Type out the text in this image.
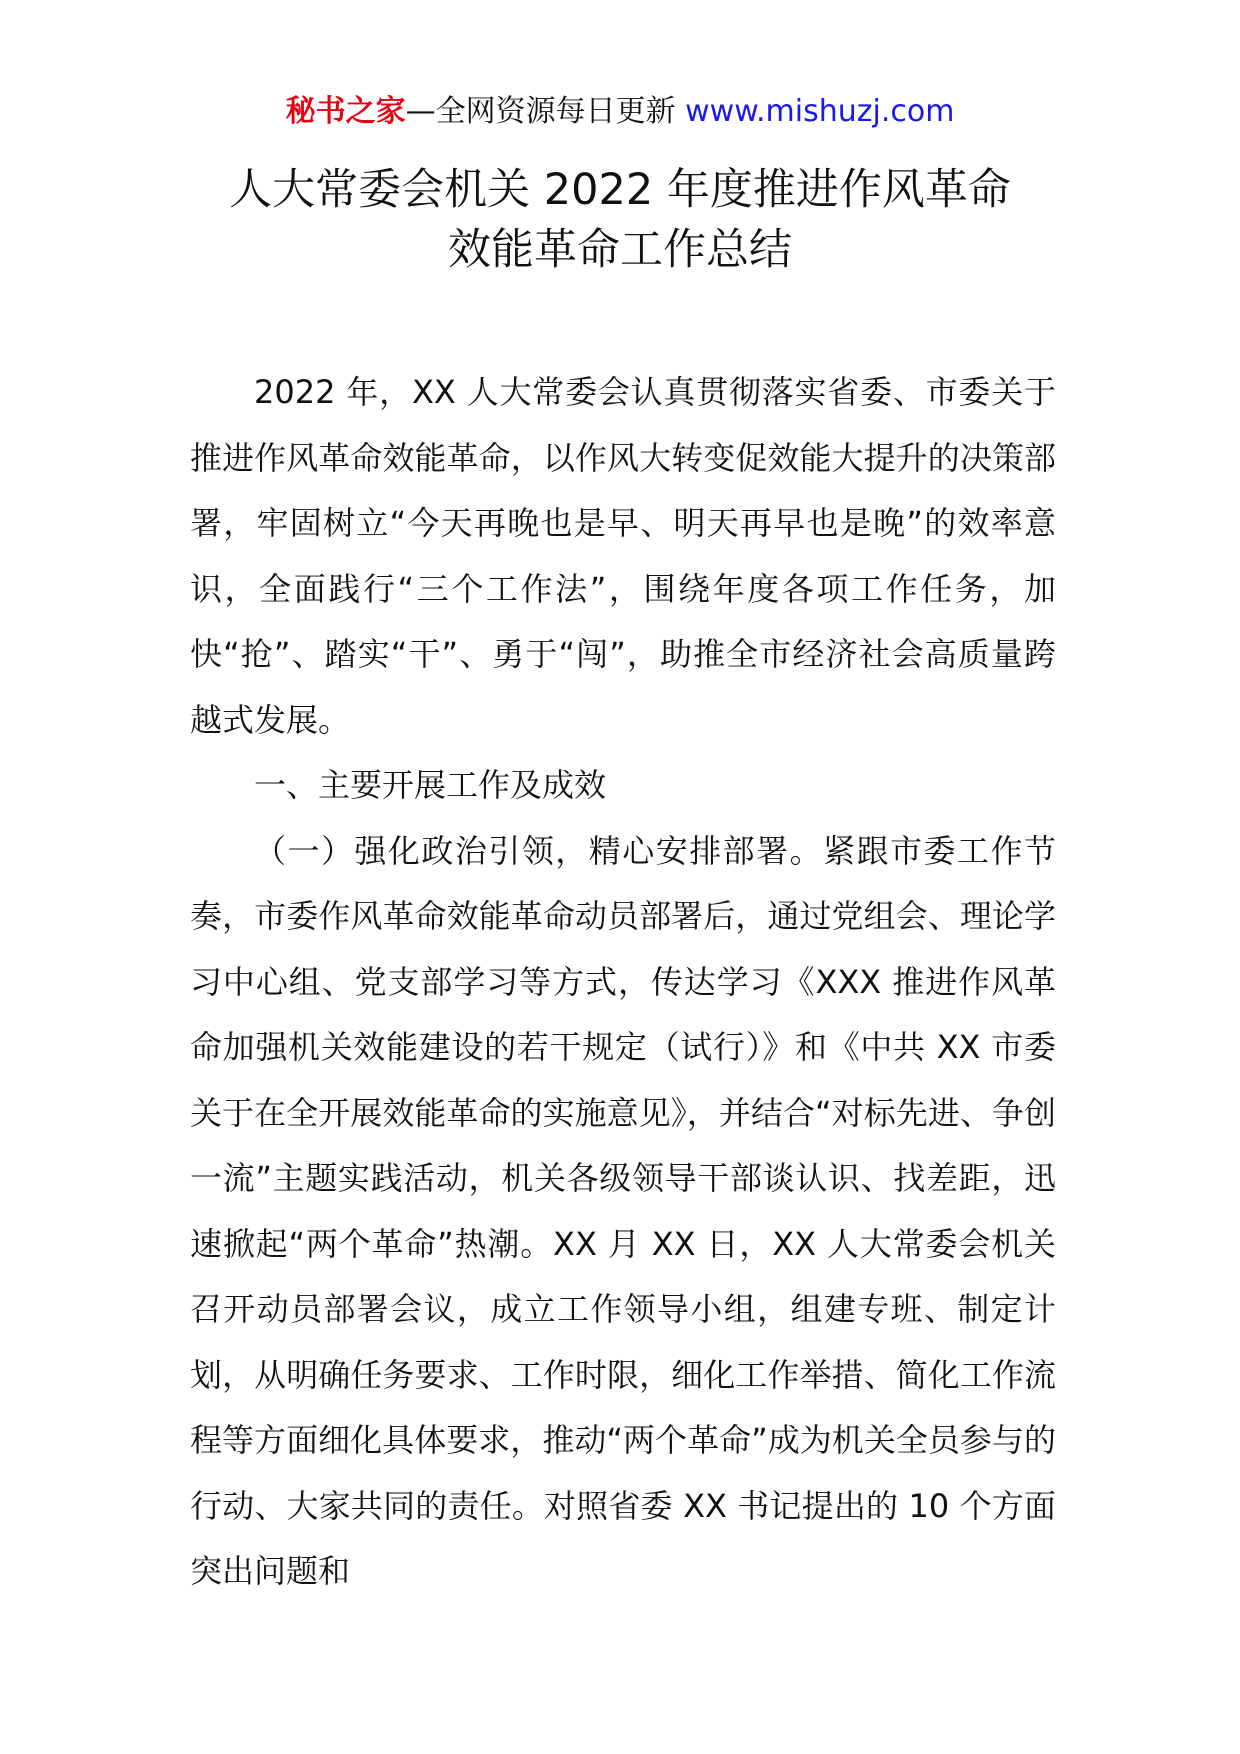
秘书之家—全网资源每日更新 www.mishuzj.com
人大常委会机关 2022 年度推进作风革命
效能革命工作总结

2022 年，XX 人大常委会认真贯彻落实省委、市委关于推进作风革命效能革命，以作风大转变促效能大提升的决策部署，牢固树立“今天再晚也是早、明天再早也是晚”的效率意识，全面践行“三个工作法”，围绕年度各项工作任务，加快“抢”、踏实“干”、勇于“闯”，助推全市经济社会高质量跨越式发展。

一、主要开展工作及成效

（一）强化政治引领，精心安排部署。紧跟市委工作节奏，市委作风革命效能革命动员部署后，通过党组会、理论学习中心组、党支部学习等方式，传达学习《XXX 推进作风革命加强机关效能建设的若干规定（试行）》和《中共 XX 市委关于在全开展效能革命的实施意见》，并结合“对标先进、争创一流”主题实践活动，机关各级领导干部谈认识、找差距，迅速掀起“两个革命”热潮。XX 月 XX 日，XX 人大常委会机关召开动员部署会议，成立工作领导小组，组建专班、制定计划，从明确任务要求、工作时限，细化工作举措、简化工作流程等方面细化具体要求，推动“两个革命”成为机关全员参与的行动、大家共同的责任。对照省委 XX 书记提出的 10 个方面突出问题和
